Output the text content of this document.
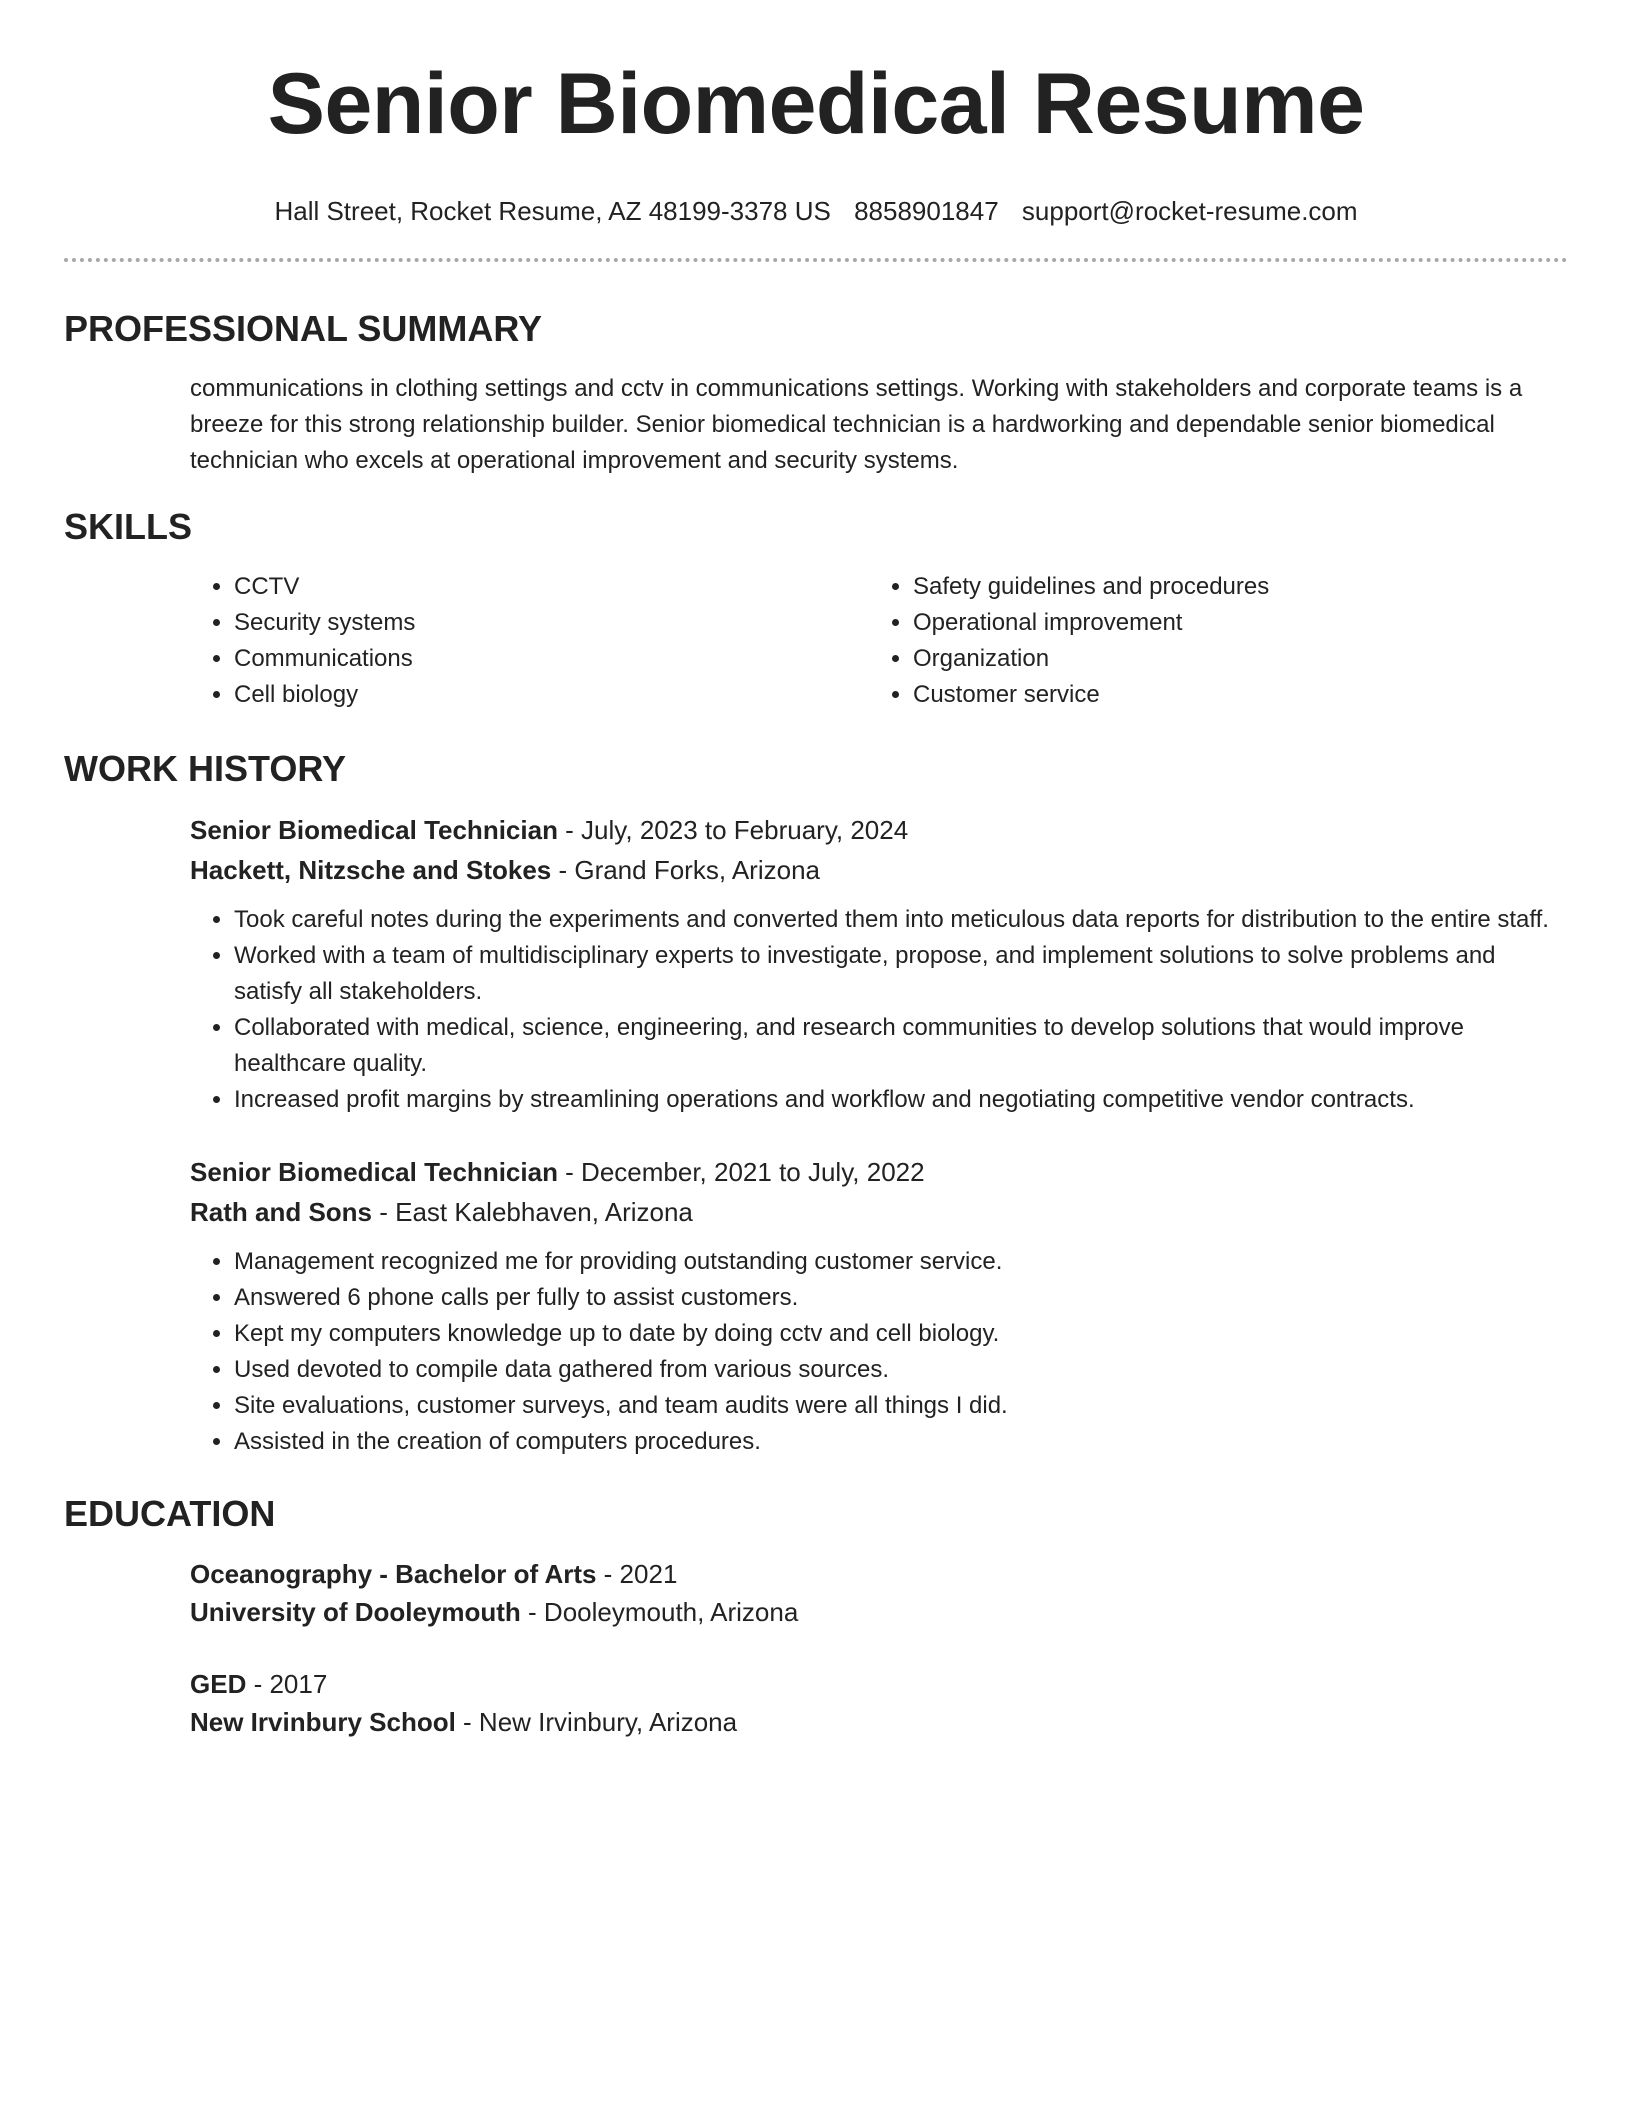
Senior Biomedical Resume
Hall Street, Rocket Resume, AZ 48199-3378 US 8858901847 support@rocket-resume.com
PROFESSIONAL SUMMARY

communications in clothing settings and cctv in communications settings. Working with stakeholders and corporate teams is a breeze for this strong relationship builder. Senior biomedical technician is a hardworking and dependable senior biomedical technician who excels at operational improvement and security systems.

SKILLS
• CCTV
• Security systems
• Communications
• Cell biology
• Safety guidelines and procedures
• Operational improvement
• Organization
• Customer service
WORK HISTORY
Senior Biomedical Technician - July, 2023 to February, 2024
Hackett, Nitzsche and Stokes - Grand Forks, Arizona
• Took careful notes during the experiments and converted them into meticulous data reports for distribution to the entire staff.
• Worked with a team of multidisciplinary experts to investigate, propose, and implement solutions to solve problems and satisfy all stakeholders.
• Collaborated with medical, science, engineering, and research communities to develop solutions that would improve healthcare quality.
• Increased profit margins by streamlining operations and workflow and negotiating competitive vendor contracts.
Senior Biomedical Technician - December, 2021 to July, 2022
Rath and Sons - East Kalebhaven, Arizona
• Management recognized me for providing outstanding customer service.
• Answered 6 phone calls per fully to assist customers.
• Kept my computers knowledge up to date by doing cctv and cell biology.
• Used devoted to compile data gathered from various sources.
• Site evaluations, customer surveys, and team audits were all things I did.
• Assisted in the creation of computers procedures.
EDUCATION
Oceanography - Bachelor of Arts - 2021
University of Dooleymouth - Dooleymouth, Arizona
GED - 2017
New Irvinbury School - New Irvinbury, Arizona
